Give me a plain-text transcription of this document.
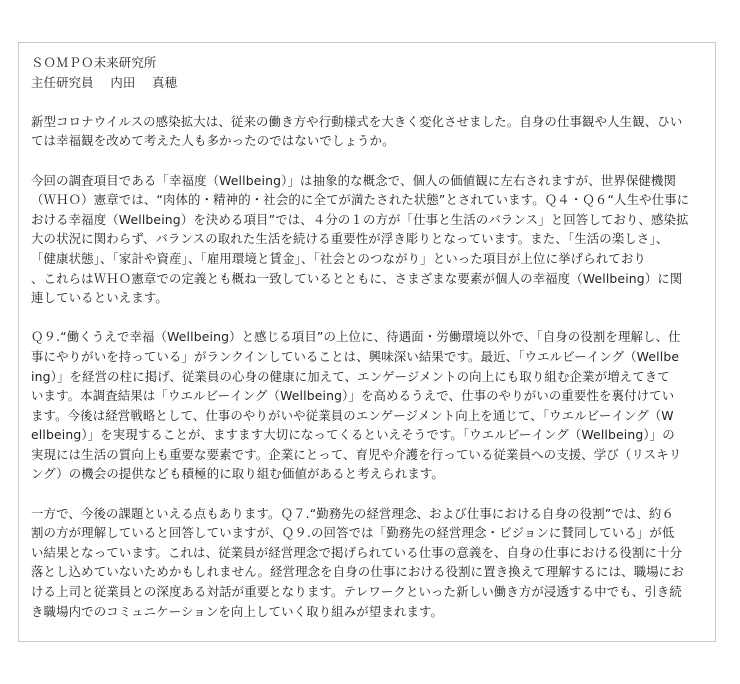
ＳＯＭＰＯ未来研究所
主任研究員　 内田　 真穂
新型コロナウイルスの感染拡大は、従来の働き方や行動様式を大きく変化させました。自身の仕事観や人生観、ひい
ては幸福観を改めて考えた人も多かったのではないでしょうか。
今回の調査項目である「幸福度（Wellbeing）」は抽象的な概念で、個人の価値観に左右されますが、世界保健機関
（ＷＨＯ）憲章では、“肉体的・精神的・社会的に全てが満たされた状態”とされています。Ｑ４・Ｑ６“人生や仕事に
おける幸福度（Wellbeing）を決める項目”では、４分の１の方が「仕事と生活のバランス」と回答しており、感染拡
大の状況に関わらず、バランスの取れた生活を続ける重要性が浮き彫りとなっています。また、「生活の楽しさ」、
「健康状態」、「家計や資産」、「雇用環境と賃金」、「社会とのつながり」といった項目が上位に挙げられており
、これらはＷＨＯ憲章での定義とも概ね一致しているとともに、さまざまな要素が個人の幸福度（Wellbeing）に関
連しているといえます。
Ｑ９.“働くうえで幸福（Wellbeing）と感じる項目”の上位に、待遇面・労働環境以外で、「自身の役割を理解し、仕
事にやりがいを持っている」がランクインしていることは、興味深い結果です。最近、「ウエルビーイング（Wellbe
ing）」を経営の柱に掲げ、従業員の心身の健康に加えて、エンゲージメントの向上にも取り組む企業が増えてきて
います。本調査結果は「ウエルビーイング（Wellbeing）」を高めるうえで、仕事のやりがいの重要性を裏付けてい
ます。今後は経営戦略として、仕事のやりがいや従業員のエンゲージメント向上を通じて、「ウエルビーイング（W
ellbeing）」を実現することが、ますます大切になってくるといえそうです。「ウエルビーイング（Wellbeing）」の
実現には生活の質向上も重要な要素です。企業にとって、育児や介護を行っている従業員への支援、学び（リスキリ
ング）の機会の提供なども積極的に取り組む価値があると考えられます。
一方で、今後の課題といえる点もあります。Ｑ７.“勤務先の経営理念、および仕事における自身の役割”では、約６
割の方が理解していると回答していますが、Ｑ９.の回答では「勤務先の経営理念・ビジョンに賛同している」が低
い結果となっています。これは、従業員が経営理念で掲げられている仕事の意義を、自身の仕事における役割に十分
落とし込めていないためかもしれません。経営理念を自身の仕事における役割に置き換えて理解するには、職場にお
ける上司と従業員との深度ある対話が重要となります。テレワークといった新しい働き方が浸透する中でも、引き続
き職場内でのコミュニケーションを向上していく取り組みが望まれます。
